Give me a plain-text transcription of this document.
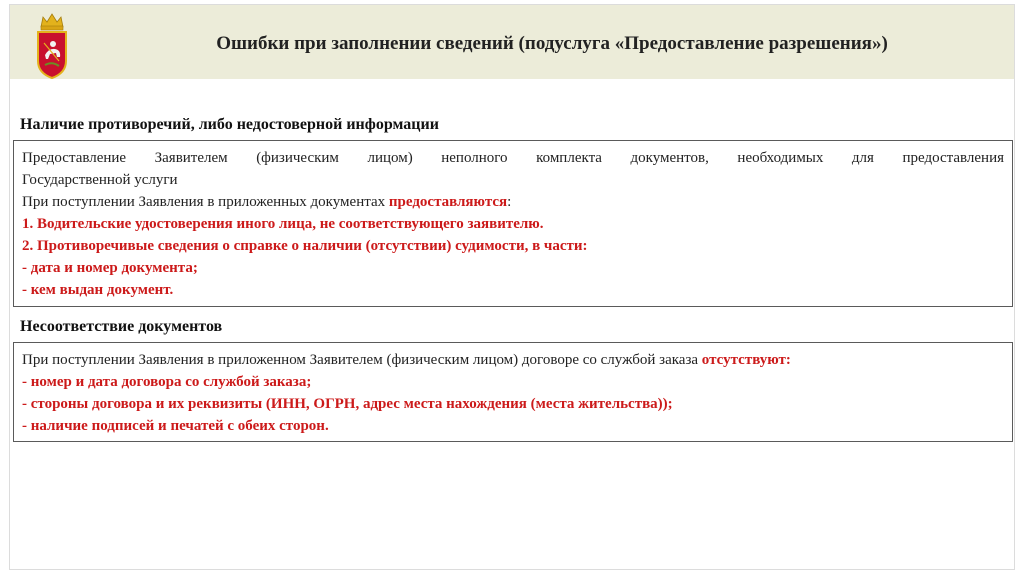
Ошибки при заполнении сведений (подуслуга «Предоставление разрешения»)
Наличие противоречий, либо недостоверной информации
Предоставление Заявителем (физическим лицом) неполного комплекта документов, необходимых для предоставления
Государственной услуги
При поступлении Заявления в приложенных документах предоставляются:
1. Водительские удостоверения иного лица, не соответствующего заявителю.
2. Противоречивые сведения о справке о наличии (отсутствии) судимости, в части:
- дата и номер документа;
- кем выдан документ.
Несоответствие документов
При поступлении Заявления в приложенном Заявителем (физическим лицом) договоре со службой заказа отсутствуют:
- номер и дата договора со службой заказа;
- стороны договора и их реквизиты (ИНН, ОГРН, адрес места нахождения (места жительства));
- наличие подписей и печатей с обеих сторон.
